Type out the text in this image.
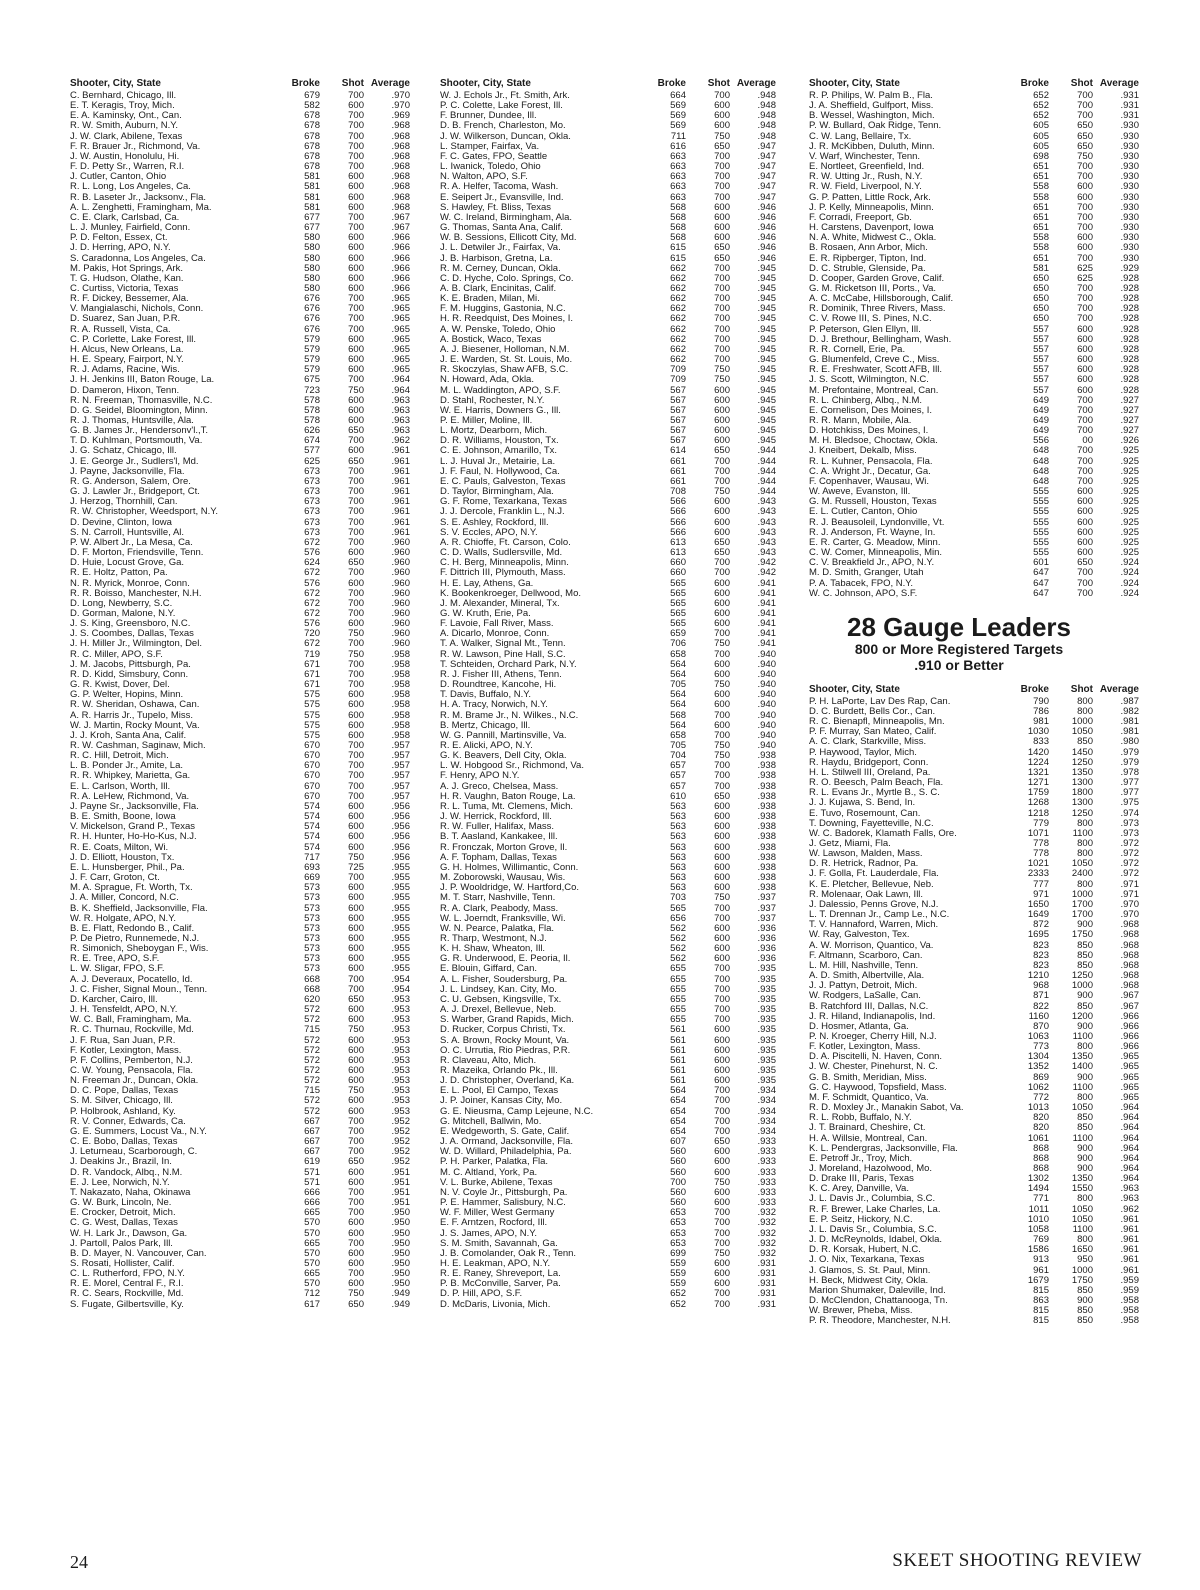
Shooter, City, State	Broke	Shot Average
C. Bernhard, Chicago, Ill.	679	700	.970
E. T. Keragis, Troy, Mich.	582	600	.970
E. A. Kaminsky, Ont., Can.	678	700	.969
R. W. Smith, Auburn, N.Y.	678	700	.968
J. W. Clark, Abilene, Texas	678	700	.968
F. R. Brauer Jr., Richmond, Va.	678	700	.968
J. W. Austin, Honolulu, Hi.	678	700	.968
F. D. Petty Sr., Warren, R.I.	678	700	.968
J. Cutler, Canton, Ohio	581	600	.968
R. L. Long, Los Angeles, Ca.	581	600	.968
R. B. Laseter Jr., Jacksonv., Fla.	581	600	.968
A. L. Zenghetti, Framingham, Ma.	581	600	.968
C. E. Clark, Carlsbad, Ca.	677	700	.967
L. J. Munley, Fairfield, Conn.	677	700	.967
P. D. Felton, Essex, Ct.	580	600	.966
J. D. Herring, APO, N.Y.	580	600	.966
S. Caradonna, Los Angeles, Ca.	580	600	.966
M. Pakis, Hot Springs, Ark.	580	600	.966
T. G. Hudson, Olathe, Kan.	580	600	.966
C. Curtiss, Victoria, Texas	580	600	.966
R. F. Dickey, Bessemer, Ala.	676	700	.965
V. Mangialaschi, Nichols, Conn.	676	700	.965
D. Suarez, San Juan, P.R.	676	700	.965
R. A. Russell, Vista, Ca.	676	700	.965
C. P. Corlette, Lake Forest, Ill.	579	600	.965
H. Alcus, New Orleans, La.	579	600	.965
H. E. Speary, Fairport, N.Y.	579	600	.965
R. J. Adams, Racine, Wis.	579	600	.965
J. H. Jenkins III, Baton Rouge, La.	675	700	.964
D. Dameron, Hixon, Tenn.	723	750	.964
R. N. Freeman, Thomasville, N.C.	578	600	.963
D. G. Seidel, Bloomington, Minn.	578	600	.963
R. J. Thomas, Huntsville, Ala.	578	600	.963
G. B. James Jr., Hendersonv'l.,T.	626	650	.963
T. D. Kuhlman, Portsmouth, Va.	674	700	.962
J. G. Schatz, Chicago, Ill.	577	600	.961
J. E. George Jr., Sudlers'l, Md.	625	650	.961
J. Payne, Jacksonville, Fla.	673	700	.961
R. G. Anderson, Salem, Ore.	673	700	.961
G. J. Lawler Jr., Bridgeport, Ct.	673	700	.961
J. Herzog, Thornhill, Can.	673	700	.961
R. W. Christopher, Weedsport, N.Y.	673	700	.961
D. Devine, Clinton, Iowa	673	700	.961
S. N. Carroll, Huntsville, Al.	673	700	.961
P. W. Albert Jr., La Mesa, Ca.	672	700	.960
D. F. Morton, Friendsville, Tenn.	576	600	.960
D. Huie, Locust Grove, Ga.	624	650	.960
R. E. Holtz, Patton, Pa.	672	700	.960
N. R. Myrick, Monroe, Conn.	576	600	.960
R. R. Boisso, Manchester, N.H.	672	700	.960
D. Long, Newberry, S.C.	672	700	.960
D. Gorman, Malone, N.Y.	672	700	.960
J. S. King, Greensboro, N.C.	576	600	.960
J. S. Coombes, Dallas, Texas	720	750	.960
J. H. Miller Jr., Wilmington, Del.	672	700	.960
R. C. Miller, APO, S.F.	719	750	.958
J. M. Jacobs, Pittsburgh, Pa.	671	700	.958
R. D. Kidd, Simsbury, Conn.	671	700	.958
G. R. Kwist, Dover, Del.	671	700	.958
G. P. Welter, Hopins, Minn.	575	600	.958
R. W. Sheridan, Oshawa, Can.	575	600	.958
A. R. Harris Jr., Tupelo, Miss.	575	600	.958
W. J. Martin, Rocky Mount, Va.	575	600	.958
J. J. Kroh, Santa Ana, Calif.	575	600	.958
R. W. Cashman, Saginaw, Mich.	670	700	.957
R. C. Hill, Detroit, Mich.	670	700	.957
L. B. Ponder Jr., Amite, La.	670	700	.957
R. R. Whipkey, Marietta, Ga.	670	700	.957
E. L. Carlson, Worth, Ill.	670	700	.957
R. A. LeHew, Richmond, Va.	670	700	.957
J. Payne Sr., Jacksonville, Fla.	574	600	.956
B. E. Smith, Boone, Iowa	574	600	.956
V. Mickelson, Grand P., Texas	574	600	.956
R. H. Hunter, Ho-Ho-Kus, N.J.	574	600	.956
R. E. Coats, Milton, Wi.	574	600	.956
J. D. Elliott, Houston, Tx.	717	750	.956
E. L. Hunsberger, Phil., Pa.	693	725	.955
J. F. Carr, Groton, Ct.	669	700	.955
M. A. Sprague, Ft. Worth, Tx.	573	600	.955
J. A. Miller, Concord, N.C.	573	600	.955
B. K. Sheffield, Jacksonville, Fla.	573	600	.955
W. R. Holgate, APO, N.Y.	573	600	.955
B. E. Flatt, Redondo B., Calif.	573	600	.955
P. De Pietro, Runnemede, N.J.	573	600	.955
R. Simonich, Sheboygan F., Wis.	573	600	.955
R. E. Tree, APO, S.F.	573	600	.955
L. W. Sligar, FPO, S.F.	573	600	.955
A. J. Deveraux, Pocatello, Id.	668	700	.954
J. C. Fisher, Signal Moun., Tenn.	668	700	.954
D. Karcher, Cairo, Ill.	620	650	.953
J. H. Tensfeldt, APO, N.Y.	572	600	.953
W. C. Ball, Framingham, Ma.	572	600	.953
R. C. Thurnau, Rockville, Md.	715	750	.953
J. F. Rua, San Juan, P.R.	572	600	.953
F. Kotler, Lexington, Mass.	572	600	.953
P. F. Collins, Pemberton, N.J.	572	600	.953
C. W. Young, Pensacola, Fla.	572	600	.953
N. Freeman Jr., Duncan, Okla.	572	600	.953
D. C. Pope, Dallas, Texas	715	750	.953
S. M. Silver, Chicago, Ill.	572	600	.953
P. Holbrook, Ashland, Ky.	572	600	.953
R. V. Conner, Edwards, Ca.	667	700	.952
G. E. Summers, Locust Va., N.Y.	667	700	.952
C. E. Bobo, Dallas, Texas	667	700	.952
J. Leturneau, Scarborough, C.	667	700	.952
J. Deakins Jr., Brazil, In.	619	650	.952
D. R. Vandock, Albq., N.M.	571	600	.951
E. J. Lee, Norwich, N.Y.	571	600	.951
T. Nakazato, Naha, Okinawa	666	700	.951
G. W. Burk, Lincoln, Ne.	666	700	.951
E. Crocker, Detroit, Mich.	665	700	.950
C. G. West, Dallas, Texas	570	600	.950
W. H. Lark Jr., Dawson, Ga.	570	600	.950
J. Partoll, Palos Park, Ill.	665	700	.950
B. D. Mayer, N. Vancouver, Can.	570	600	.950
S. Rosati, Hollister, Calif.	570	600	.950
C. L. Rutherford, FPO, N.Y.	665	700	.950
R. E. Morel, Central F., R.I.	570	600	.950
R. C. Sears, Rockville, Md.	712	750	.949
S. Fugate, Gilbertsville, Ky.	617	650	.949
Shooter, City, State	Broke	Shot Average
W. J. Echols Jr., Ft. Smith, Ark.	664	700	.948
P. C. Colette, Lake Forest, Ill.	569	600	.948
F. Brunner, Dundee, Ill.	569	600	.948
D. B. French, Charleston, Mo.	569	600	.948
J. W. Wilkerson, Duncan, Okla.	711	750	.948
L. Stamper, Fairfax, Va.	616	650	.947
F. C. Gates, FPO, Seattle	663	700	.947
L. Iwanick, Toledo, Ohio	663	700	.947
N. Walton, APO, S.F.	663	700	.947
R. A. Helfer, Tacoma, Wash.	663	700	.947
E. Seipert Jr., Evansville, Ind.	663	700	.947
S. Hawley, Ft. Bliss, Texas	568	600	.946
W. C. Ireland, Birmingham, Ala.	568	600	.946
G. Thomas, Santa Ana, Calif.	568	600	.946
W. B. Sessions, Ellicott City, Md.	568	600	.946
J. L. Detwiler Jr., Fairfax, Va.	615	650	.946
J. B. Harbison, Gretna, La.	615	650	.946
R. M. Cerney, Duncan, Okla.	662	700	.945
C. D. Hyche, Colo. Springs, Co.	662	700	.945
A. B. Clark, Encinitas, Calif.	662	700	.945
K. E. Braden, Milan, Mi.	662	700	.945
F. M. Huggins, Gastonia, N.C.	662	700	.945
H. R. Reedquist, Des Moines, I.	662	700	.945
A. W. Penske, Toledo, Ohio	662	700	.945
A. Bostick, Waco, Texas	662	700	.945
A. J. Biesener, Holloman, N.M.	662	700	.945
J. E. Warden, St. St. Louis, Mo.	662	700	.945
R. Skoczylas, Shaw AFB, S.C.	709	750	.945
N. Howard, Ada, Okla.	709	750	.945
M. L. Waddington, APO, S.F.	567	600	.945
D. Stahl, Rochester, N.Y.	567	600	.945
W. E. Harris, Downers G., Ill.	567	600	.945
P. E. Miller, Moline, Ill.	567	600	.945
L. Mortz, Dearborn, Mich.	567	600	.945
D. R. Williams, Houston, Tx.	567	600	.945
C. E. Johnson, Amarillo, Tx.	614	650	.944
L. J. Huval Jr., Metairie, La.	661	700	.944
J. F. Faul, N. Hollywood, Ca.	661	700	.944
E. C. Pauls, Galveston, Texas	661	700	.944
D. Taylor, Birmingham, Ala.	708	750	.944
G. F. Rome, Texarkana, Texas	566	600	.943
J. J. Dercole, Franklin L., N.J.	566	600	.943
S. E. Ashley, Rockford, Ill.	566	600	.943
S. V. Eccles, APO, N.Y.	566	600	.943
A. R. Chioffe, Ft. Carson, Colo.	613	650	.943
C. D. Walls, Sudlersville, Md.	613	650	.943
C. H. Berg, Minneapolis, Minn.	660	700	.942
F. Dittrich III, Plymouth, Mass.	660	700	.942
H. E. Lay, Athens, Ga.	565	600	.941
K. Bookenkroeger, Dellwood, Mo.	565	600	.941
J. M. Alexander, Mineral, Tx.	565	600	.941
G. W. Kruth, Erie, Pa.	565	600	.941
F. Lavoie, Fall River, Mass.	565	600	.941
A. Dicarlo, Monroe, Conn.	659	700	.941
T. A. Walker, Signal Mt., Tenn.	706	750	.941
R. W. Lawson, Pine Hall, S.C.	658	700	.940
T. Schteiden, Orchard Park, N.Y.	564	600	.940
R. J. Fisher III, Athens, Tenn.	564	600	.940
D. Roundtree, Kancohe, Hi.	705	750	.940
T. Davis, Buffalo, N.Y.	564	600	.940
H. A. Tracy, Norwich, N.Y.	564	600	.940
R. M. Brame Jr., N. Wilkes., N.C.	568	700	.940
B. Mertz, Chicago, Ill.	564	600	.940
W. G. Pannill, Martinsville, Va.	658	700	.940
R. E. Alicki, APO, N.Y.	705	750	.940
G. K. Beavers, Dell City, Okla.	704	750	.938
L. W. Hobgood Sr., Richmond, Va.	657	700	.938
F. Henry, APO N.Y.	657	700	.938
A. J. Greco, Chelsea, Mass.	657	700	.938
H. R. Vaughn, Baton Rouge, La.	610	650	.938
R. L. Tuma, Mt. Clemens, Mich.	563	600	.938
J. W. Herrick, Rockford, Ill.	563	600	.938
R. W. Fuller, Halifax, Mass.	563	600	.938
B. T. Aasland, Kankakee, Ill.	563	600	.938
R. Fronczak, Morton Grove, Il.	563	600	.938
A. F. Topham, Dallas, Texas	563	600	.938
G. H. Holmes, Willimantic, Conn.	563	600	.938
M. Zoborowski, Wausau, Wis.	563	600	.938
J. P. Wooldridge, W. Hartford,Co.	563	600	.938
M. T. Starr, Nashville, Tenn.	703	750	.937
R. A. Clark, Peabody, Mass.	565	700	.937
W. L. Joerndt, Franksville, Wi.	656	700	.937
W. N. Pearce, Palatka, Fla.	562	600	.936
R. Tharp, Westmont, N.J.	562	600	.936
K. H. Shaw, Wheaton, Ill.	562	600	.936
G. R. Underwood, E. Peoria, Il.	562	600	.936
E. Blouin, Giffard, Can.	655	700	.935
A. L. Fisher, Soudersburg, Pa.	655	700	.935
J. L. Lindsey, Kan. City, Mo.	655	700	.935
C. U. Gebsen, Kingsville, Tx.	655	700	.935
A. J. Drexel, Bellevue, Neb.	655	700	.935
S. Warber, Grand Rapids, Mich.	655	700	.935
D. Rucker, Corpus Christi, Tx.	561	600	.935
S. A. Brown, Rocky Mount, Va.	561	600	.935
O. C. Urrutia, Rio Piedras, P.R.	561	600	.935
R. Claveau, Alto, Mich.	561	600	.935
R. Mazeika, Orlando Pk., Ill.	561	600	.935
J. D. Christopher, Overland, Ka.	561	600	.935
E. L. Pool, El Campo, Texas	564	700	.934
J. P. Joiner, Kansas City, Mo.	654	700	.934
G. E. Nieusma, Camp Lejeune, N.C.	654	700	.934
G. Mitchell, Ballwin, Mo.	654	700	.934
E. Wedgeworth, S. Gate, Calif.	654	700	.934
J. A. Ormand, Jacksonville, Fla.	607	650	.933
W. D. Willard, Philadelphia, Pa.	560	600	.933
P. H. Parker, Palatka, Fla.	560	600	.933
M. C. Altland, York, Pa.	560	600	.933
V. L. Burke, Abilene, Texas	700	750	.933
N. V. Coyle Jr., Pittsburgh, Pa.	560	600	.933
P. E. Hammer, Salisbury, N.C.	560	600	.933
W. F. Miller, West Germany	653	700	.932
E. F. Arntzen, Rocford, Ill.	653	700	.932
J. S. James, APO, N.Y.	653	700	.932
S. M. Smith, Savannah, Ga.	653	700	.932
J. B. Comolander, Oak R., Tenn.	699	750	.932
H. E. Leakman, APO, N.Y.	559	600	.931
R. E. Raney, Shreveport, La.	559	600	.931
P. B. McConville, Sarver, Pa.	559	600	.931
D. P. Hill, APO, S.F.	652	700	.931
D. McDaris, Livonia, Mich.	652	700	.931
Shooter, City, State	Broke	Shot Average
R. P. Philips, W. Palm B., Fla.	652	700	.931
J. A. Sheffield, Gulfport, Miss.	652	700	.931
B. Wessel, Washington, Mich.	652	700	.931
P. W. Bullard, Oak Ridge, Tenn.	605	650	.930
C. W. Lang, Bellaire, Tx.	605	650	.930
J. R. McKibben, Duluth, Minn.	605	650	.930
V. Warf, Winchester, Tenn.	698	750	.930
E. Nortleet, Greenfield, Ind.	651	700	.930
R. W. Utting Jr., Rush, N.Y.	651	700	.930
R. W. Field, Liverpool, N.Y.	558	600	.930
G. P. Patten, Little Rock, Ark.	558	600	.930
J. P. Kelly, Minneapolis, Minn.	651	700	.930
F. Corradi, Freeport, Gb.	651	700	.930
H. Carstens, Davenport, Iowa	651	700	.930
N. A. White, Midwest C., Okla.	558	600	.930
B. Rosaen, Ann Arbor, Mich.	558	600	.930
E. R. Ripberger, Tipton, Ind.	651	700	.930
D. C. Struble, Glenside, Pa.	581	625	.929
D. Cooper, Garden Grove, Calif.	650	625	.928
G. M. Ricketson III, Ports., Va.	650	700	.928
A. C. McCabe, Hillsborough, Calif.	650	700	.928
R. Dominik, Three Rivers, Mass.	650	700	.928
C. V. Rowe III, S. Pines, N.C.	650	700	.928
P. Peterson, Glen Ellyn, Ill.	557	600	.928
D. J. Brethour, Bellingham, Wash.	557	600	.928
R. R. Cornell, Erie, Pa.	557	600	.928
G. Blumenfeld, Creve C., Miss.	557	600	.928
R. E. Freshwater, Scott AFB, Ill.	557	600	.928
J. S. Scott, Wilmington, N.C.	557	600	.928
M. Prefontaine, Montreal, Can.	557	600	.928
R. L. Chinberg, Albq., N.M.	649	700	.927
E. Cornelison, Des Moines, I.	649	700	.927
R. R. Mann, Mobile, Ala.	649	700	.927
D. Hotchkiss, Des Moines, I.	649	700	.927
M. H. Bledsoe, Choctaw, Okla.	556	00	.926
J. Kneibert, Dekalb, Miss.	648	700	.925
R. L. Kuhner, Pensacola, Fla.	648	700	.925
C. A. Wright Jr., Decatur, Ga.	648	700	.925
F. Copenhaver, Wausau, Wi.	648	700	.925
W. Aweve, Evanston, Ill.	555	600	.925
G. M. Russell, Houston, Texas	555	600	.925
E. L. Cutler, Canton, Ohio	555	600	.925
R. J. Beausoleil, Lyndonville, Vt.	555	600	.925
R. J. Anderson, Ft. Wayne, In.	555	600	.925
E. R. Carter, G. Meadow, Minn.	555	600	.925
C. W. Comer, Minneapolis, Min.	555	600	.925
C. V. Breakfield Jr., APO, N.Y.	601	650	.924
M. D. Smith, Granger, Utah	647	700	.924
P. A. Tabacek, FPO, N.Y.	647	700	.924
W. C. Johnson, APO, S.F.	647	700	.924
28 Gauge Leaders
800 or More Registered Targets
.910 or Better
Shooter, City, State	Broke	Shot Average
P. H. LaPorte, Lav Des Rap, Can.	790	800	.987
D. C. Burdett, Bells Cor., Can.	786	800	.982
R. C. Bienapfl, Minneapolis, Mn.	981	1000	.981
P. F. Murray, San Mateo, Calif.	1030	1050	.981
A. C. Clark, Starkville, Miss.	833	850	.980
P. Haywood, Taylor, Mich.	1420	1450	.979
R. Haydu, Bridgeport, Conn.	1224	1250	.979
H. L. Stilwell III, Oreland, Pa.	1321	1350	.978
R. O. Beesch, Palm Beach, Fla.	1271	1300	.977
R. L. Evans Jr., Myrtle B., S. C.	1759	1800	.977
J. J. Kujawa, S. Bend, In.	1268	1300	.975
E. Tuvo, Rosemount, Can.	1218	1250	.974
T. Downing, Fayetteville, N.C.	779	800	.973
W. C. Badorek, Klamath Falls, Ore.	1071	1100	.973
J. Getz, Miami, Fla.	778	800	.972
W. Lawson, Malden, Mass.	778	800	.972
D. R. Hetrick, Radnor, Pa.	1021	1050	.972
J. F. Golla, Ft. Lauderdale, Fla.	2333	2400	.972
K. E. Pletcher, Bellevue, Neb.	777	800	.971
R. Molenaar, Oak Lawn, Ill.	971	1000	.971
J. Dalessio, Penns Grove, N.J.	1650	1700	.970
L. T. Drennan Jr., Camp Le., N.C.	1649	1700	.970
T. V. Hannaford, Warren, Mich.	872	900	.968
W. Ray, Galveston, Tex.	1695	1750	.968
A. W. Morrison, Quantico, Va.	823	850	.968
F. Altmann, Scarboro, Can.	823	850	.968
L. M. Hill, Nashville, Tenn.	823	850	.968
A. D. Smith, Albertville, Ala.	1210	1250	.968
J. J. Pattyn, Detroit, Mich.	968	1000	.968
W. Rodgers, LaSalle, Can.	871	900	.967
B. Ratchford III, Dallas, N.C.	822	850	.967
J. R. Hiland, Indianapolis, Ind.	1160	1200	.966
D. Hosmer, Atlanta, Ga.	870	900	.966
P. N. Kroeger, Cherry Hill, N.J.	1063	1100	.966
F. Kotler, Lexington, Mass.	773	800	.966
D. A. Piscitelli, N. Haven, Conn.	1304	1350	.965
J. W. Chester, Pinehurst, N. C.	1352	1400	.965
G. B. Smith, Meridian, Miss.	869	900	.965
G. C. Haywood, Topsfield, Mass.	1062	1100	.965
M. F. Schmidt, Quantico, Va.	772	800	.965
R. D. Moxley Jr., Manakin Sabot, Va.	1013	1050	.964
R. L. Robb, Buffalo, N.Y.	820	850	.964
J. T. Brainard, Cheshire, Ct.	820	850	.964
H. A. Willsie, Montreal, Can.	1061	1100	.964
K. L. Pendergras, Jacksonville, Fla.	868	900	.964
E. Petroff Jr., Troy, Mich.	868	900	.964
J. Moreland, Hazolwood, Mo.	868	900	.964
D. Drake III, Paris, Texas	1302	1350	.964
K. C. Arey, Danville, Va.	1494	1550	.963
J. L. Davis Jr., Columbia, S.C.	771	800	.963
R. F. Brewer, Lake Charles, La.	1011	1050	.962
E. P. Seitz, Hickory, N.C.	1010	1050	.961
J. L. Davis Sr., Columbia, S.C.	1058	1100	.961
J. D. McReynolds, Idabel, Okla.	769	800	.961
D. R. Korsak, Hubert, N.C.	1586	1650	.961
J. O. Nix, Texarkana, Texas	913	950	.961
J. Glamos, S. St. Paul, Minn.	961	1000	.961
H. Beck, Midwest City, Okla.	1679	1750	.959
Marion Shumaker, Daleville, Ind.	815	850	.959
D. McClendon, Chattanooga, Tn.	863	900	.958
W. Brewer, Pheba, Miss.	815	850	.958
P. R. Theodore, Manchester, N.H.	815	850	.958
24	SKEET SHOOTING REVIEW
